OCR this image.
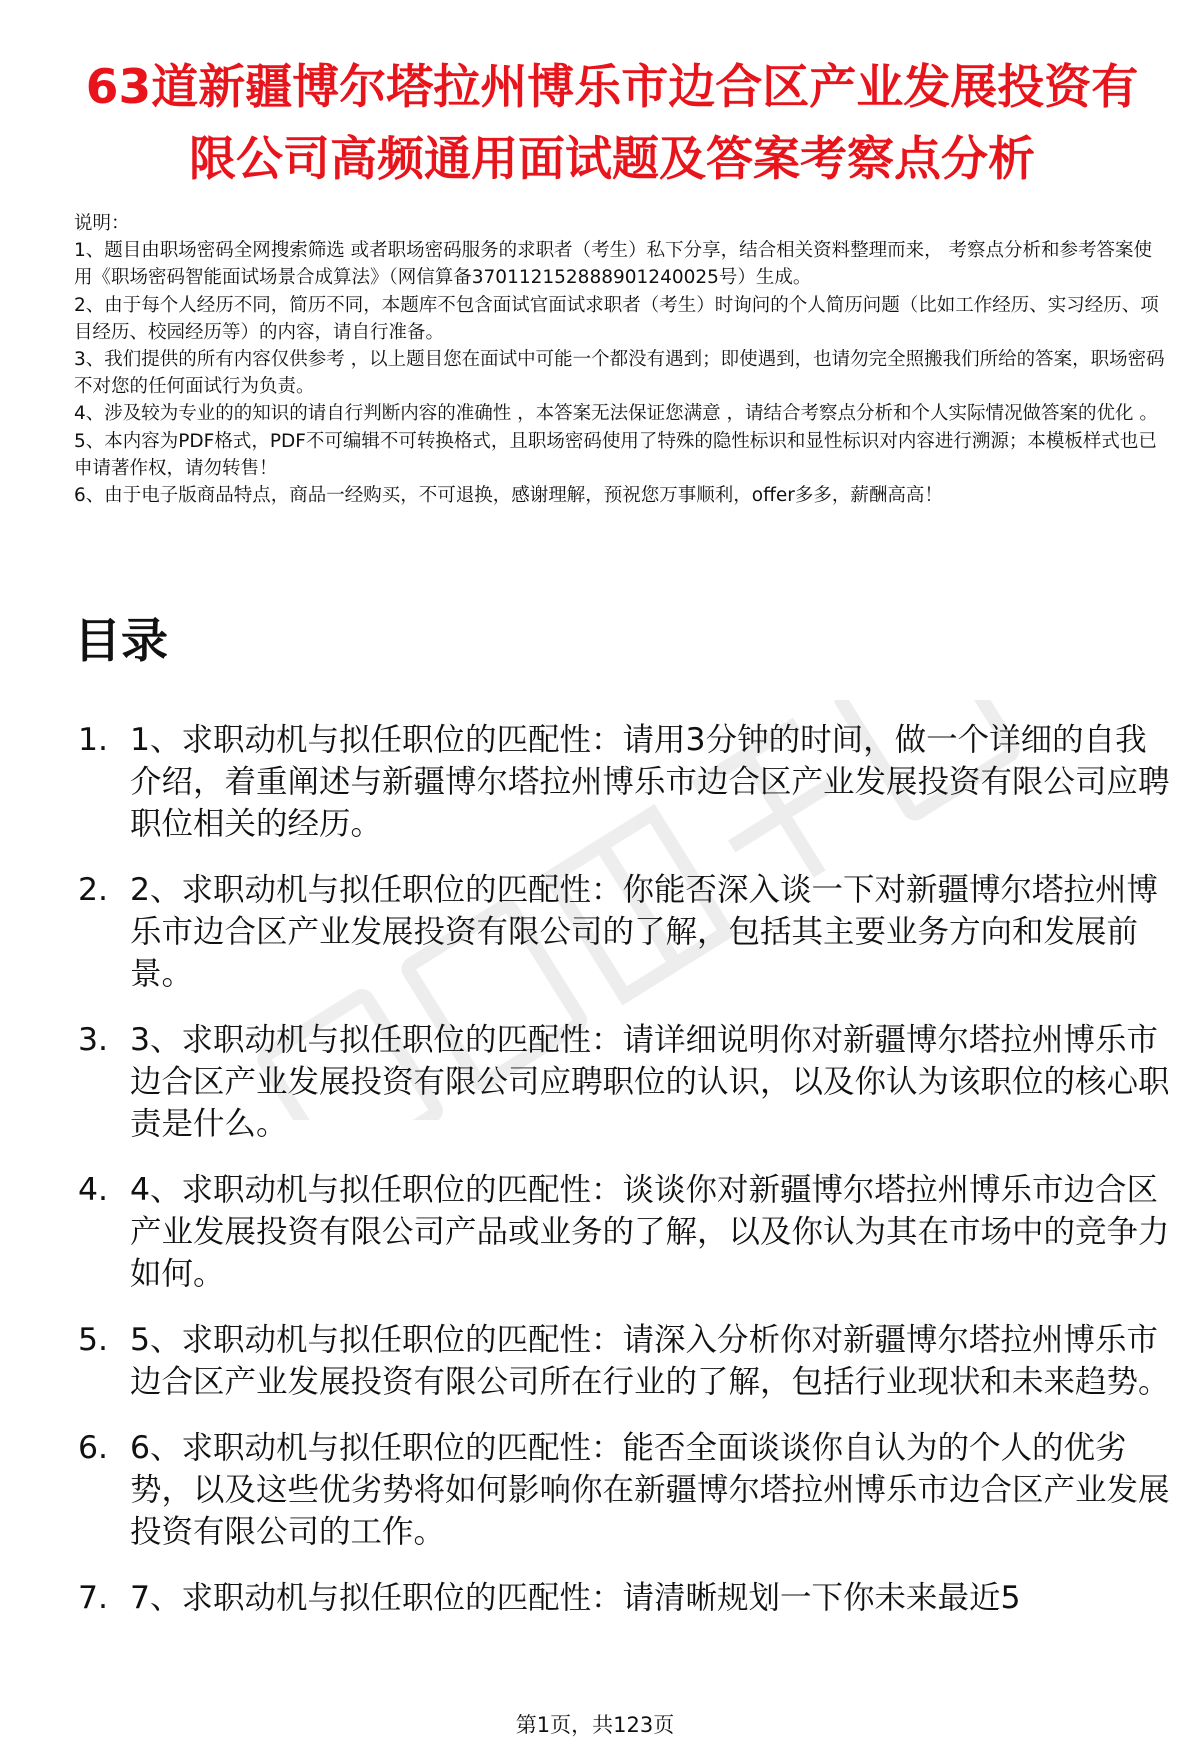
63道新疆博尔塔拉州博乐市边合区产业发展投资有限公司高频通用面试题及答案考察点分析
说明：
1、题目由职场密码全网搜索筛选 或者职场密码服务的求职者（考生）私下分享，结合相关资料整理而来， 考察点分析和参考答案使用《职场密码智能面试场景合成算法》（网信算备370112152888901240025号）生成。
2、由于每个人经历不同，简历不同，本题库不包含面试官面试求职者（考生）时询问的个人简历问题（比如工作经历、实习经历、项目经历、校园经历等）的内容，请自行准备。
3、我们提供的所有内容仅供参考 ，以上题目您在面试中可能一个都没有遇到；即使遇到，也请勿完全照搬我们所给的答案，职场密码不对您的任何面试行为负责。
4、涉及较为专业的的知识的请自行判断内容的准确性 ，本答案无法保证您满意 ，请结合考察点分析和个人实际情况做答案的优化 。
5、本内容为PDF格式，PDF不可编辑不可转换格式，且职场密码使用了特殊的隐性标识和显性标识对内容进行溯源；本模板样式也已申请著作权，请勿转售！
6、由于电子版商品特点，商品一经购买，不可退换，感谢理解，预祝您万事顺利，offer多多，薪酬高高！
目录
1. 1、求职动机与拟任职位的匹配性：请用3分钟的时间，做一个详细的自我介绍，着重阐述与新疆博尔塔拉州博乐市边合区产业发展投资有限公司应聘职位相关的经历。
2. 2、求职动机与拟任职位的匹配性：你能否深入谈一下对新疆博尔塔拉州博乐市边合区产业发展投资有限公司的了解，包括其主要业务方向和发展前景。
3. 3、求职动机与拟任职位的匹配性：请详细说明你对新疆博尔塔拉州博乐市边合区产业发展投资有限公司应聘职位的认识，以及你认为该职位的核心职责是什么。
4. 4、求职动机与拟任职位的匹配性：谈谈你对新疆博尔塔拉州博乐市边合区产业发展投资有限公司产品或业务的了解，以及你认为其在市场中的竞争力如何。
5. 5、求职动机与拟任职位的匹配性：请深入分析你对新疆博尔塔拉州博乐市边合区产业发展投资有限公司所在行业的了解，包括行业现状和未来趋势。
6. 6、求职动机与拟任职位的匹配性：能否全面谈谈你自认为的个人的优劣势，以及这些优劣势将如何影响你在新疆博尔塔拉州博乐市边合区产业发展投资有限公司的工作。
7. 7、求职动机与拟任职位的匹配性：请清晰规划一下你未来最近5
第1页，共123页
